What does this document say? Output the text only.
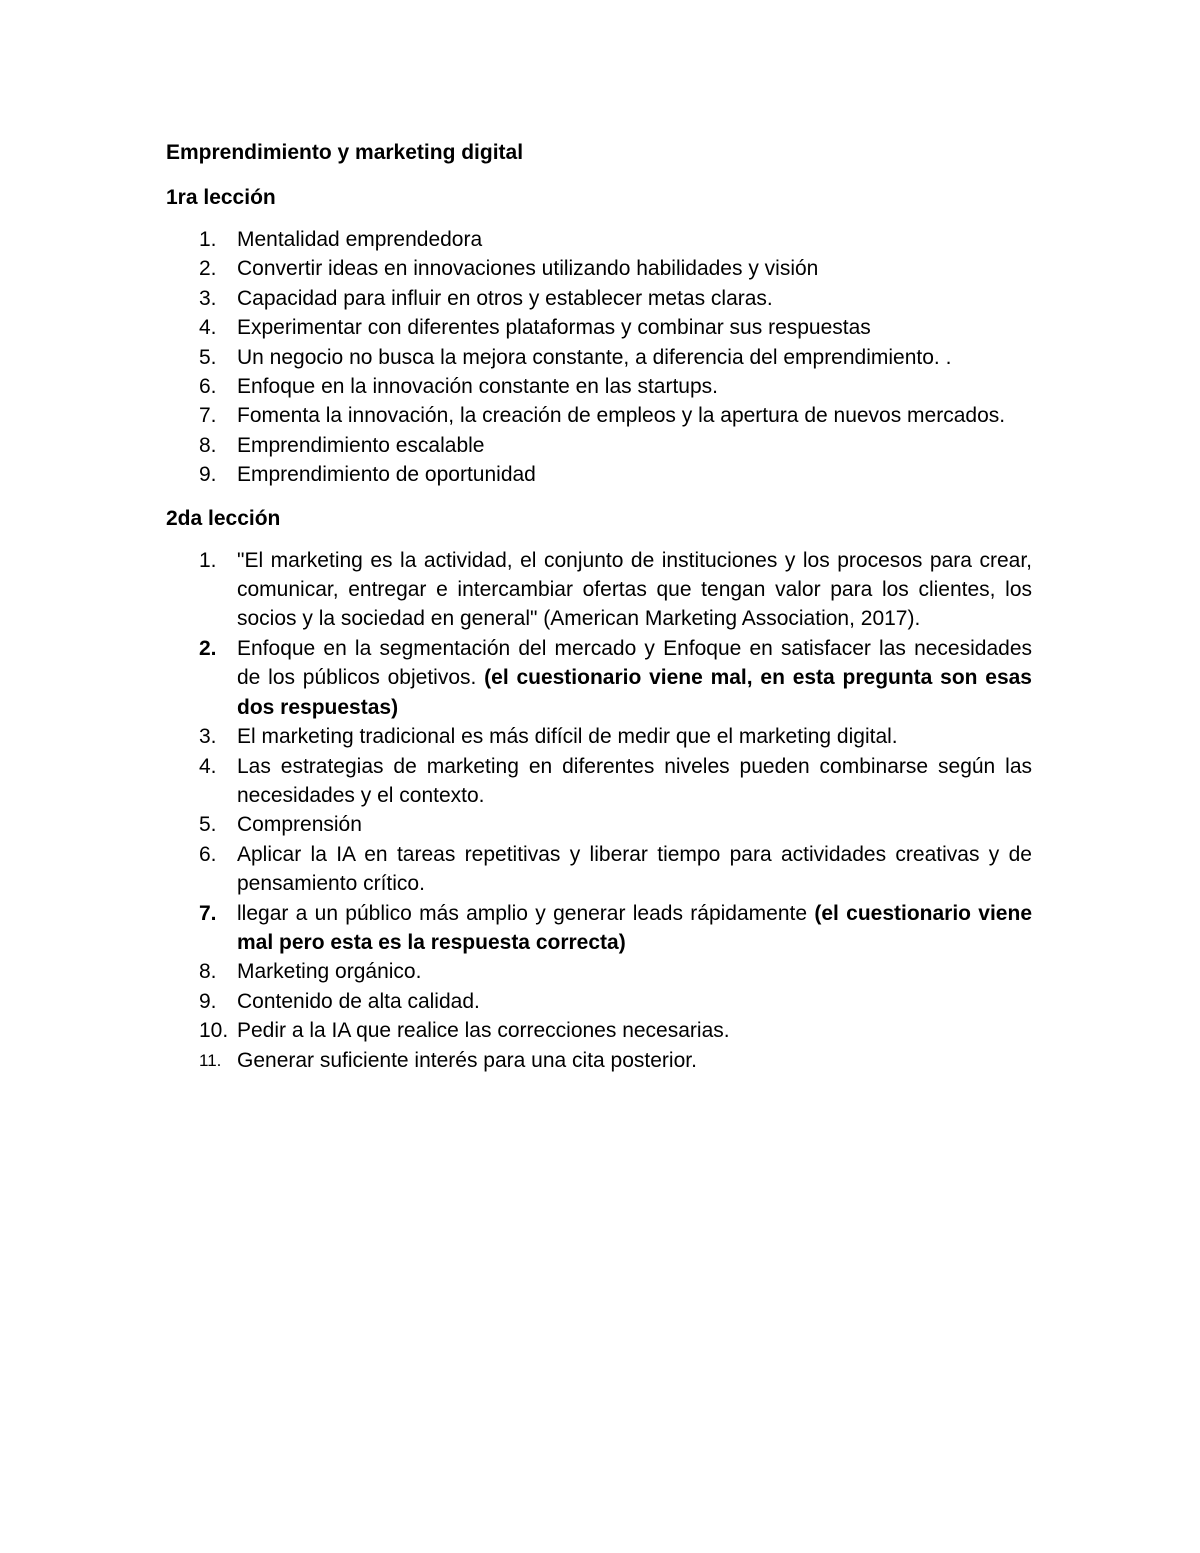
Emprendimiento y marketing digital
1ra lección
1. Mentalidad emprendedora
2. Convertir ideas en innovaciones utilizando habilidades y visión
3. Capacidad para influir en otros y establecer metas claras.
4. Experimentar con diferentes plataformas y combinar sus respuestas
5. Un negocio no busca la mejora constante, a diferencia del emprendimiento. .
6. Enfoque en la innovación constante en las startups.
7. Fomenta la innovación, la creación de empleos y la apertura de nuevos mercados.
8. Emprendimiento escalable
9. Emprendimiento de oportunidad
2da lección
1. "El marketing es la actividad, el conjunto de instituciones y los procesos para crear, comunicar, entregar e intercambiar ofertas que tengan valor para los clientes, los socios y la sociedad en general" (American Marketing Association, 2017).
2. Enfoque en la segmentación del mercado y Enfoque en satisfacer las necesidades de los públicos objetivos. (el cuestionario viene mal, en esta pregunta son esas dos respuestas)
3. El marketing tradicional es más difícil de medir que el marketing digital.
4. Las estrategias de marketing en diferentes niveles pueden combinarse según las necesidades y el contexto.
5. Comprensión
6. Aplicar la IA en tareas repetitivas y liberar tiempo para actividades creativas y de pensamiento crítico.
7. llegar a un público más amplio y generar leads rápidamente (el cuestionario viene mal pero esta es la respuesta correcta)
8. Marketing orgánico.
9. Contenido de alta calidad.
10. Pedir a la IA que realice las correcciones necesarias.
11. Generar suficiente interés para una cita posterior.
